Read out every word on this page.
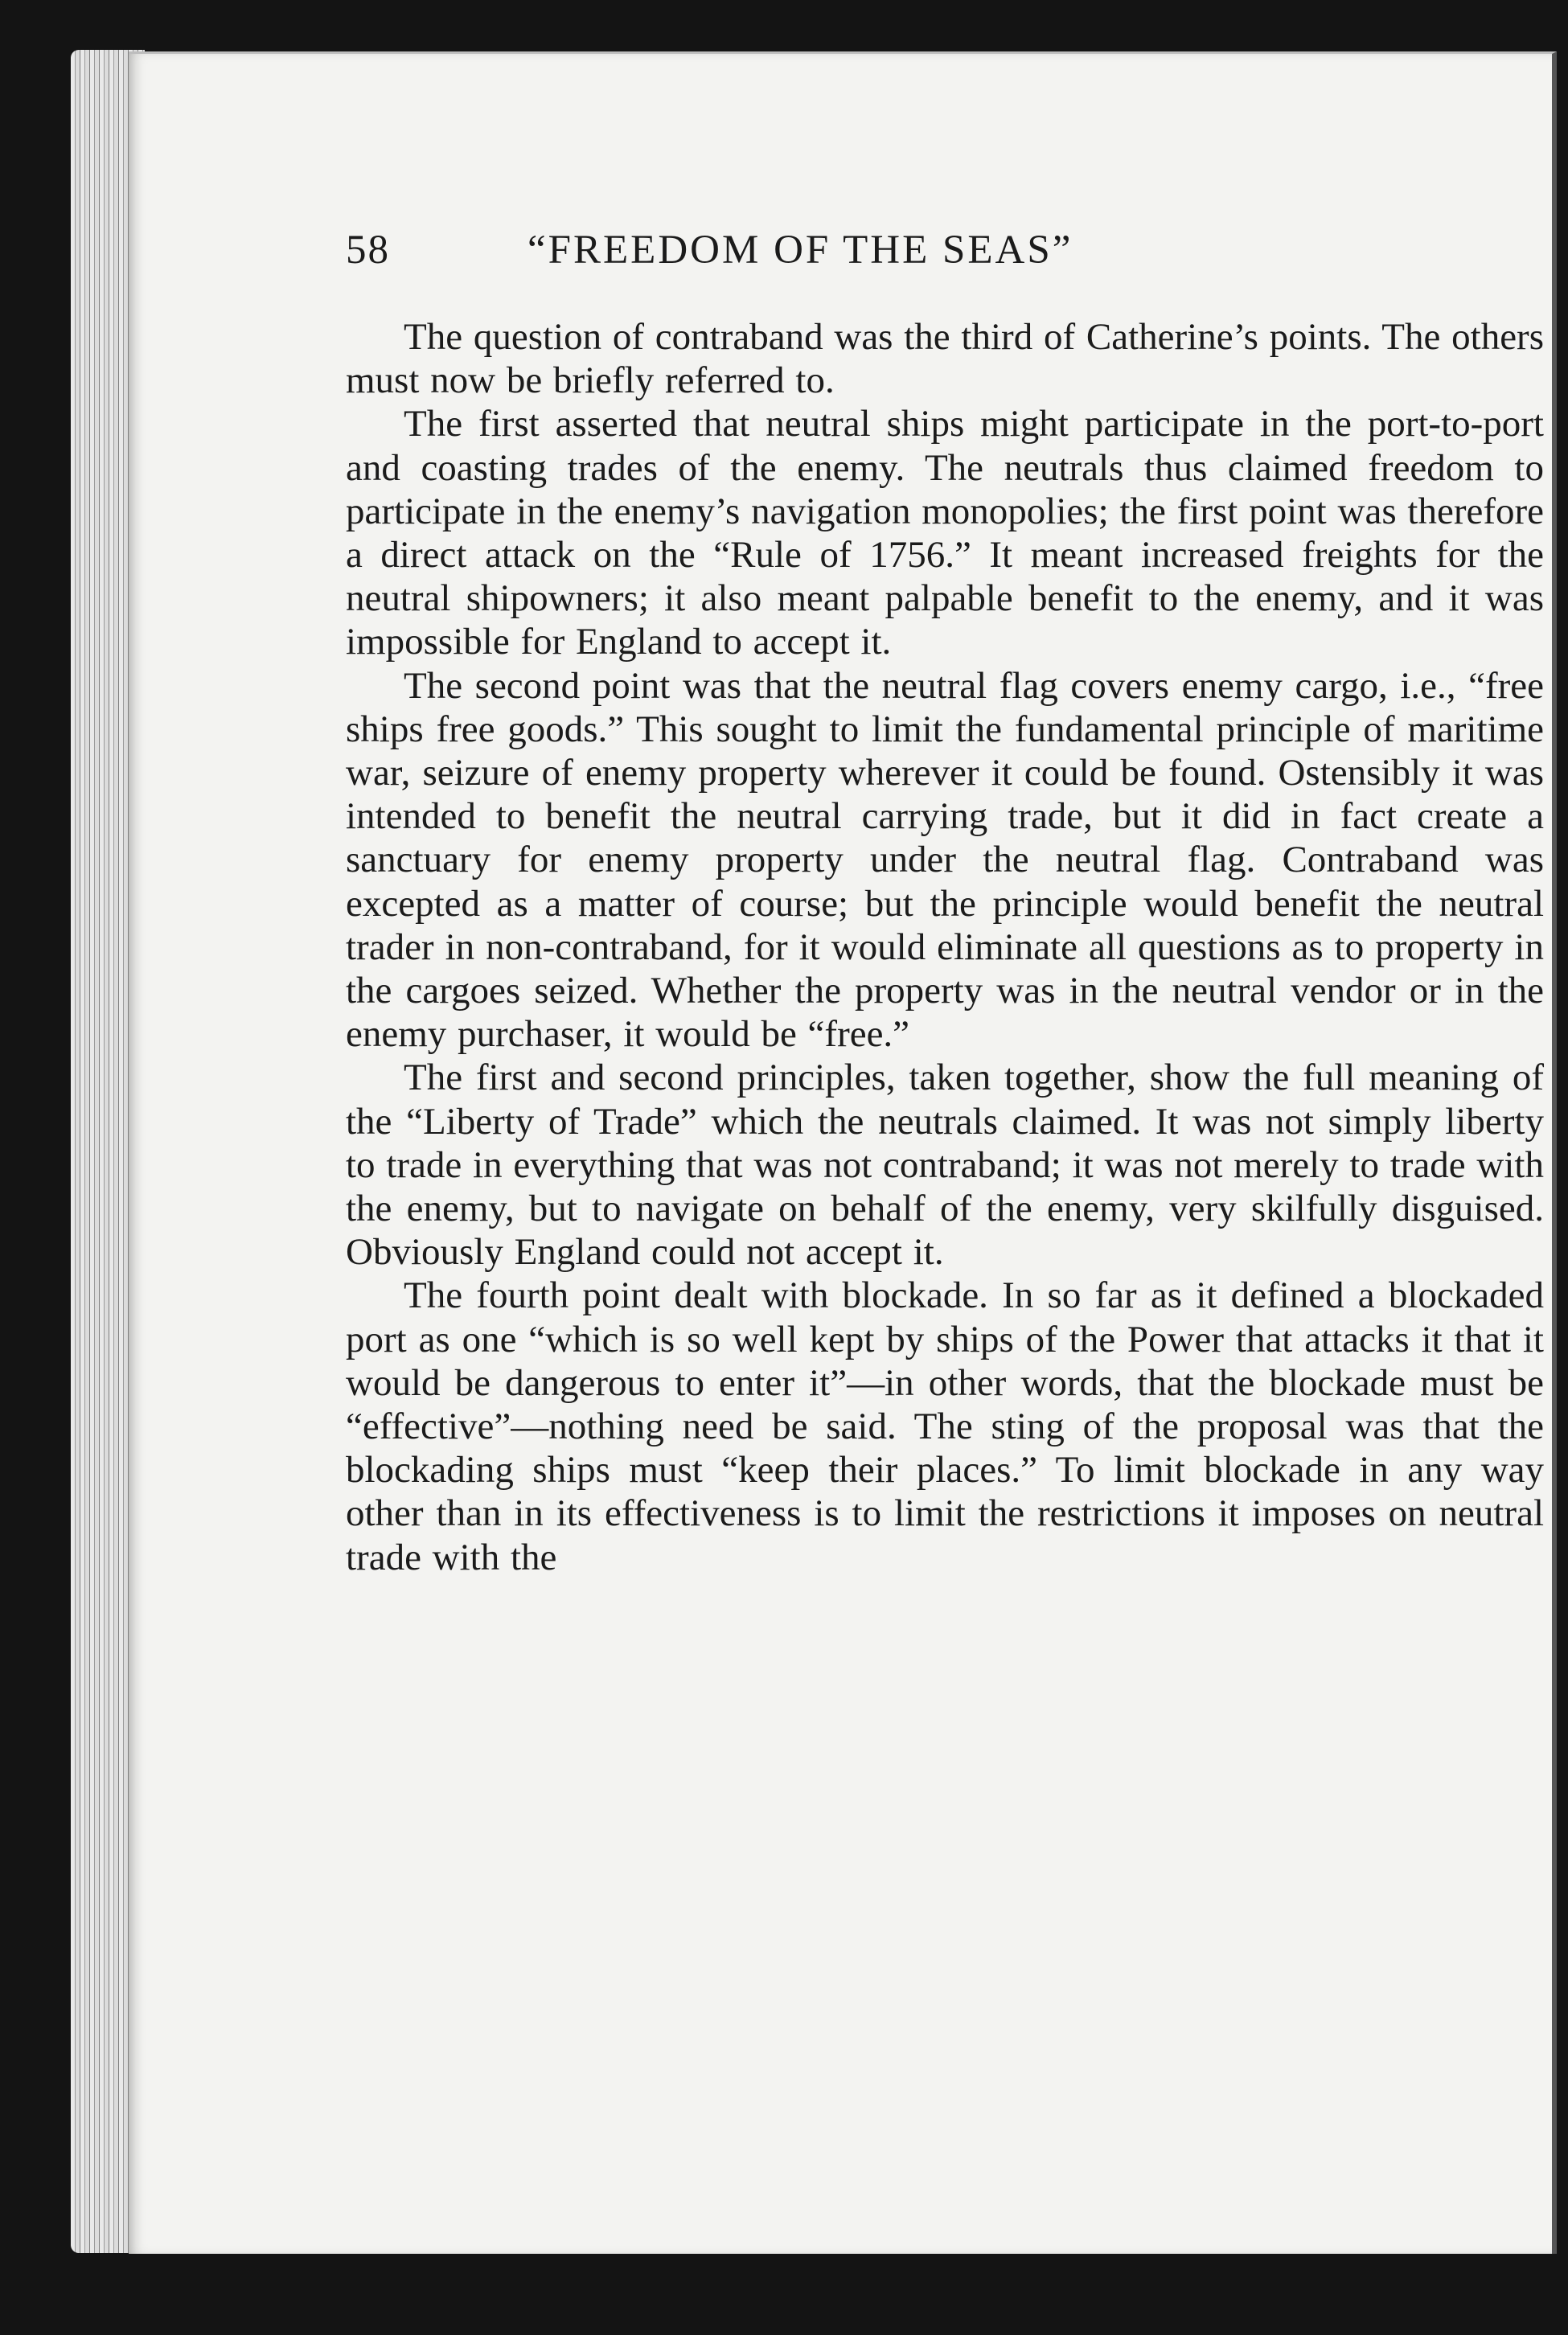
58	“FREEDOM OF THE SEAS”

The question of contraband was the third of Catherine’s points. The others must now be briefly referred to.

The first asserted that neutral ships might participate in the port-to-port and coasting trades of the enemy. The neutrals thus claimed freedom to participate in the enemy’s navigation monopolies; the first point was therefore a direct attack on the “Rule of 1756.” It meant increased freights for the neutral shipowners; it also meant palpable benefit to the enemy, and it was impossible for England to accept it.

The second point was that the neutral flag covers enemy cargo, i.e., “free ships free goods.” This sought to limit the fundamental principle of maritime war, seizure of enemy property wherever it could be found. Ostensibly it was intended to benefit the neutral carrying trade, but it did in fact create a sanctuary for enemy property under the neutral flag. Contraband was excepted as a matter of course; but the principle would benefit the neutral trader in non-contraband, for it would eliminate all questions as to property in the cargoes seized. Whether the property was in the neutral vendor or in the enemy purchaser, it would be “free.”

The first and second principles, taken together, show the full meaning of the “Liberty of Trade” which the neutrals claimed. It was not simply liberty to trade in everything that was not contraband; it was not merely to trade with the enemy, but to navigate on behalf of the enemy, very skilfully disguised. Obviously England could not accept it.

The fourth point dealt with blockade. In so far as it defined a blockaded port as one “which is so well kept by ships of the Power that attacks it that it would be dangerous to enter it”—in other words, that the blockade must be “effective”—nothing need be said. The sting of the proposal was that the blockading ships must “keep their places.” To limit blockade in any way other than in its effectiveness is to limit the restrictions it imposes on neutral trade with the
